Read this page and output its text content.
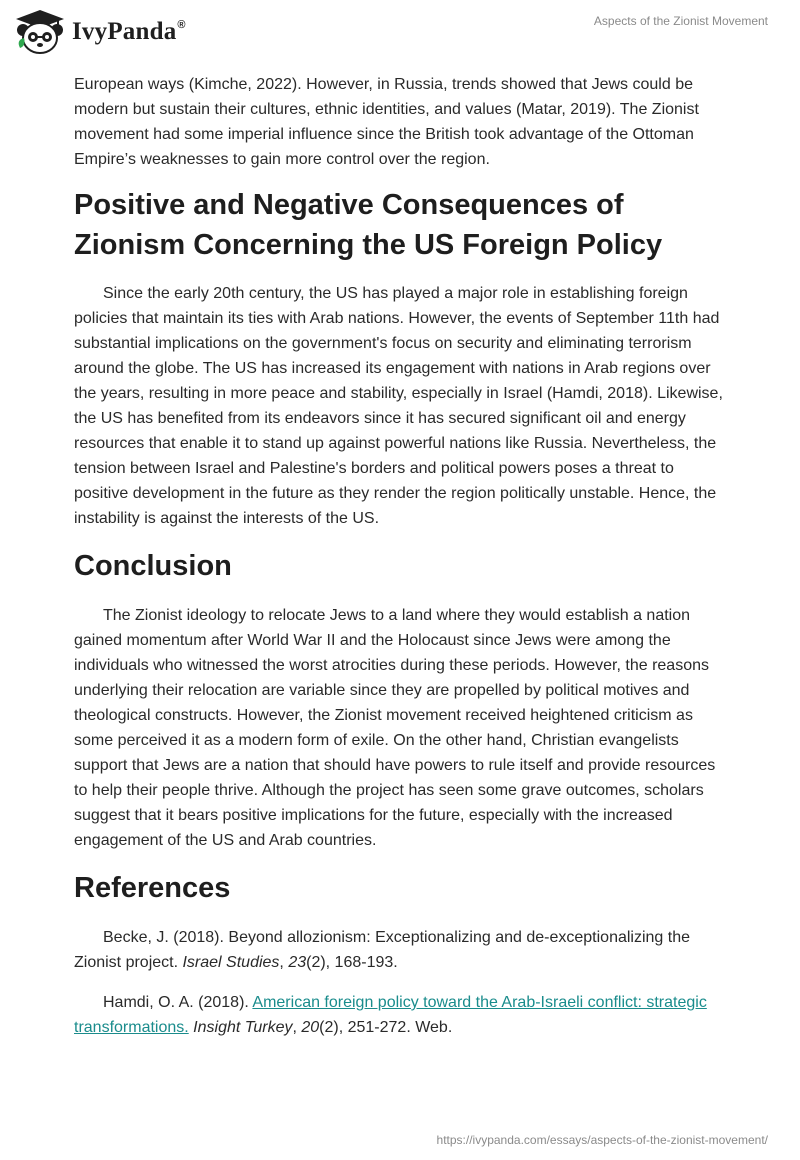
IvyPanda®	Aspects of the Zionist Movement

European ways (Kimche, 2022). However, in Russia, trends showed that Jews could be modern but sustain their cultures, ethnic identities, and values (Matar, 2019). The Zionist movement had some imperial influence since the British took advantage of the Ottoman Empire’s weaknesses to gain more control over the region.

Positive and Negative Consequences of Zionism Concerning the US Foreign Policy

Since the early 20th century, the US has played a major role in establishing foreign policies that maintain its ties with Arab nations. However, the events of September 11th had substantial implications on the government's focus on security and eliminating terrorism around the globe. The US has increased its engagement with nations in Arab regions over the years, resulting in more peace and stability, especially in Israel (Hamdi, 2018). Likewise, the US has benefited from its endeavors since it has secured significant oil and energy resources that enable it to stand up against powerful nations like Russia. Nevertheless, the tension between Israel and Palestine's borders and political powers poses a threat to positive development in the future as they render the region politically unstable. Hence, the instability is against the interests of the US.

Conclusion

The Zionist ideology to relocate Jews to a land where they would establish a nation gained momentum after World War II and the Holocaust since Jews were among the individuals who witnessed the worst atrocities during these periods. However, the reasons underlying their relocation are variable since they are propelled by political motives and theological constructs. However, the Zionist movement received heightened criticism as some perceived it as a modern form of exile. On the other hand, Christian evangelists support that Jews are a nation that should have powers to rule itself and provide resources to help their people thrive. Although the project has seen some grave outcomes, scholars suggest that it bears positive implications for the future, especially with the increased engagement of the US and Arab countries.

References

Becke, J. (2018). Beyond allozionism: Exceptionalizing and de-exceptionalizing the Zionist project. Israel Studies, 23(2), 168-193.

Hamdi, O. A. (2018). American foreign policy toward the Arab-Israeli conflict: strategic transformations. Insight Turkey, 20(2), 251-272. Web.

https://ivypanda.com/essays/aspects-of-the-zionist-movement/
